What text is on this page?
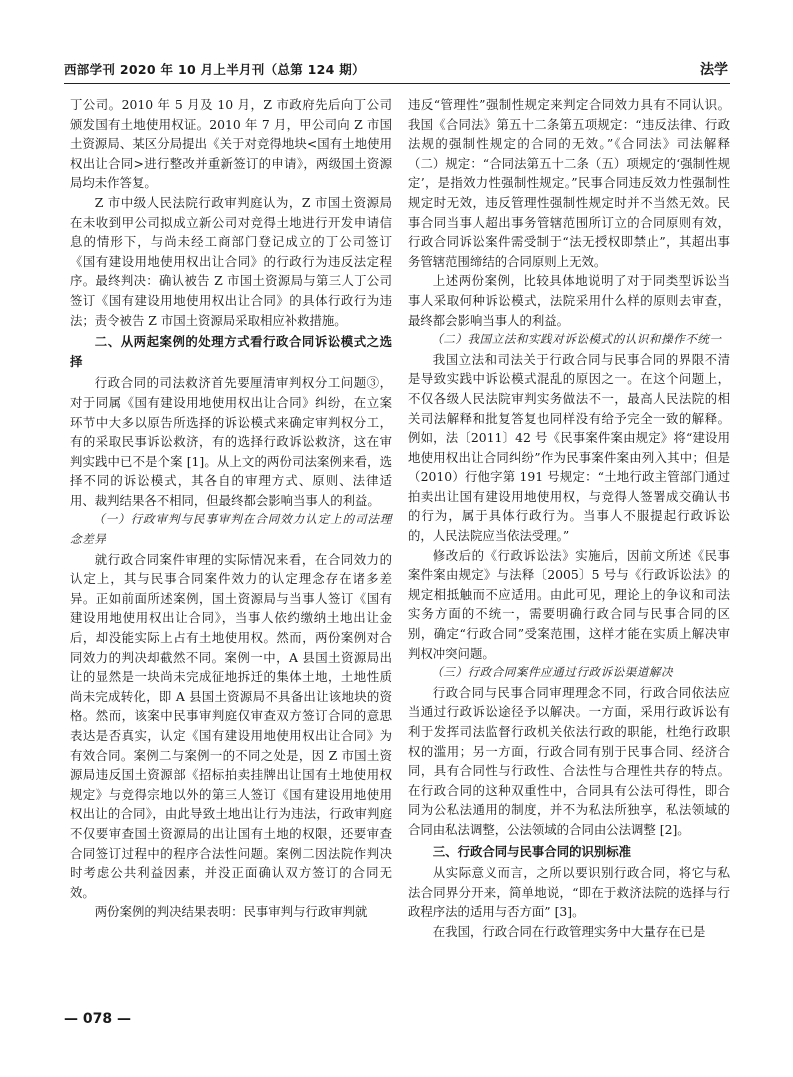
西部学刊 2020 年 10 月上半月刊（总第 124 期）	法学

丁公司。2010 年 5 月及 10 月，Z 市政府先后向丁公司颁发国有土地使用权证。2010 年 7 月，甲公司向 Z 市国土资源局、某区分局提出《关于对竞得地块<国有土地使用权出让合同>进行整改并重新签订的申请》，两级国土资源局均未作答复。

Z 市中级人民法院行政审判庭认为，Z 市国土资源局在未收到甲公司拟成立新公司对竞得土地进行开发申请信息的情形下，与尚未经工商部门登记成立的丁公司签订《国有建设用地使用权出让合同》的行政行为违反法定程序。最终判决：确认被告 Z 市国土资源局与第三人丁公司签订《国有建设用地使用权出让合同》的具体行政行为违法；责令被告 Z 市国土资源局采取相应补救措施。

二、从两起案例的处理方式看行政合同诉讼模式之选择

行政合同的司法救济首先要厘清审判权分工问题③，对于同属《国有建设用地使用权出让合同》纠纷，在立案环节中大多以原告所选择的诉讼模式来确定审判权分工，有的采取民事诉讼救济，有的选择行政诉讼救济，这在审判实践中已不是个案 [1]。从上文的两份司法案例来看，选择不同的诉讼模式，其各自的审理方式、原则、法律适用、裁判结果各不相同，但最终都会影响当事人的利益。

（一）行政审判与民事审判在合同效力认定上的司法理念差异

就行政合同案件审理的实际情况来看，在合同效力的认定上，其与民事合同案件效力的认定理念存在诸多差异。正如前面所述案例，国土资源局与当事人签订《国有建设用地使用权出让合同》，当事人依约缴纳土地出让金后，却没能实际上占有土地使用权。然而，两份案例对合同效力的判决却截然不同。案例一中，A 县国土资源局出让的显然是一块尚未完成征地拆迁的集体土地，土地性质尚未完成转化，即 A 县国土资源局不具备出让该地块的资格。然而，该案中民事审判庭仅审查双方签订合同的意思表达是否真实，认定《国有建设用地使用权出让合同》为有效合同。案例二与案例一的不同之处是，因 Z 市国土资源局违反国土资源部《招标拍卖挂牌出让国有土地使用权规定》与竞得宗地以外的第三人签订《国有建设用地使用权出让的合同》，由此导致土地出让行为违法，行政审判庭不仅要审查国土资源局的出让国有土地的权限，还要审查合同签订过程中的程序合法性问题。案例二因法院作判决时考虑公共利益因素，并没正面确认双方签订的合同无效。

两份案例的判决结果表明：民事审判与行政审判就

违反“管理性”强制性规定来判定合同效力具有不同认识。我国《合同法》第五十二条第五项规定：“违反法律、行政法规的强制性规定的合同的无效。”《合同法》司法解释（二）规定：“合同法第五十二条（五）项规定的‘强制性规定’，是指效力性强制性规定。”民事合同违反效力性强制性规定时无效，违反管理性强制性规定时并不当然无效。民事合同当事人超出事务管辖范围所订立的合同原则有效，行政合同诉讼案件需受制于“法无授权即禁止”，其超出事务管辖范围缔结的合同原则上无效。

上述两份案例，比较具体地说明了对于同类型诉讼当事人采取何种诉讼模式，法院采用什么样的原则去审查，最终都会影响当事人的利益。

（二）我国立法和实践对诉讼模式的认识和操作不统一

我国立法和司法关于行政合同与民事合同的界限不清是导致实践中诉讼模式混乱的原因之一。在这个问题上，不仅各级人民法院审判实务做法不一，最高人民法院的相关司法解释和批复答复也同样没有给予完全一致的解释。例如，法〔2011〕42 号《民事案件案由规定》将“建设用地使用权出让合同纠纷”作为民事案件案由列入其中；但是（2010）行他字第 191 号规定：“土地行政主管部门通过拍卖出让国有建设用地使用权，与竞得人签署成交确认书的行为，属于具体行政行为。当事人不服提起行政诉讼的，人民法院应当依法受理。”

修改后的《行政诉讼法》实施后，因前文所述《民事案件案由规定》与法释〔2005〕5 号与《行政诉讼法》的规定相抵触而不应适用。由此可见，理论上的争议和司法实务方面的不统一，需要明确行政合同与民事合同的区别，确定“行政合同”受案范围，这样才能在实质上解决审判权冲突问题。

（三）行政合同案件应通过行政诉讼渠道解决

行政合同与民事合同审理理念不同，行政合同依法应当通过行政诉讼途径予以解决。一方面，采用行政诉讼有利于发挥司法监督行政机关依法行政的职能，杜绝行政职权的滥用；另一方面，行政合同有别于民事合同、经济合同，具有合同性与行政性、合法性与合理性共存的特点。在行政合同的这种双重性中，合同具有公法可得性，即合同为公私法通用的制度，并不为私法所独享，私法领域的合同由私法调整，公法领域的合同由公法调整 [2]。

三、行政合同与民事合同的识别标准

从实际意义而言，之所以要识别行政合同，将它与私法合同界分开来，简单地说，“即在于救济法院的选择与行政程序法的适用与否方面” [3]。

在我国，行政合同在行政管理实务中大量存在已是

— 078 —
